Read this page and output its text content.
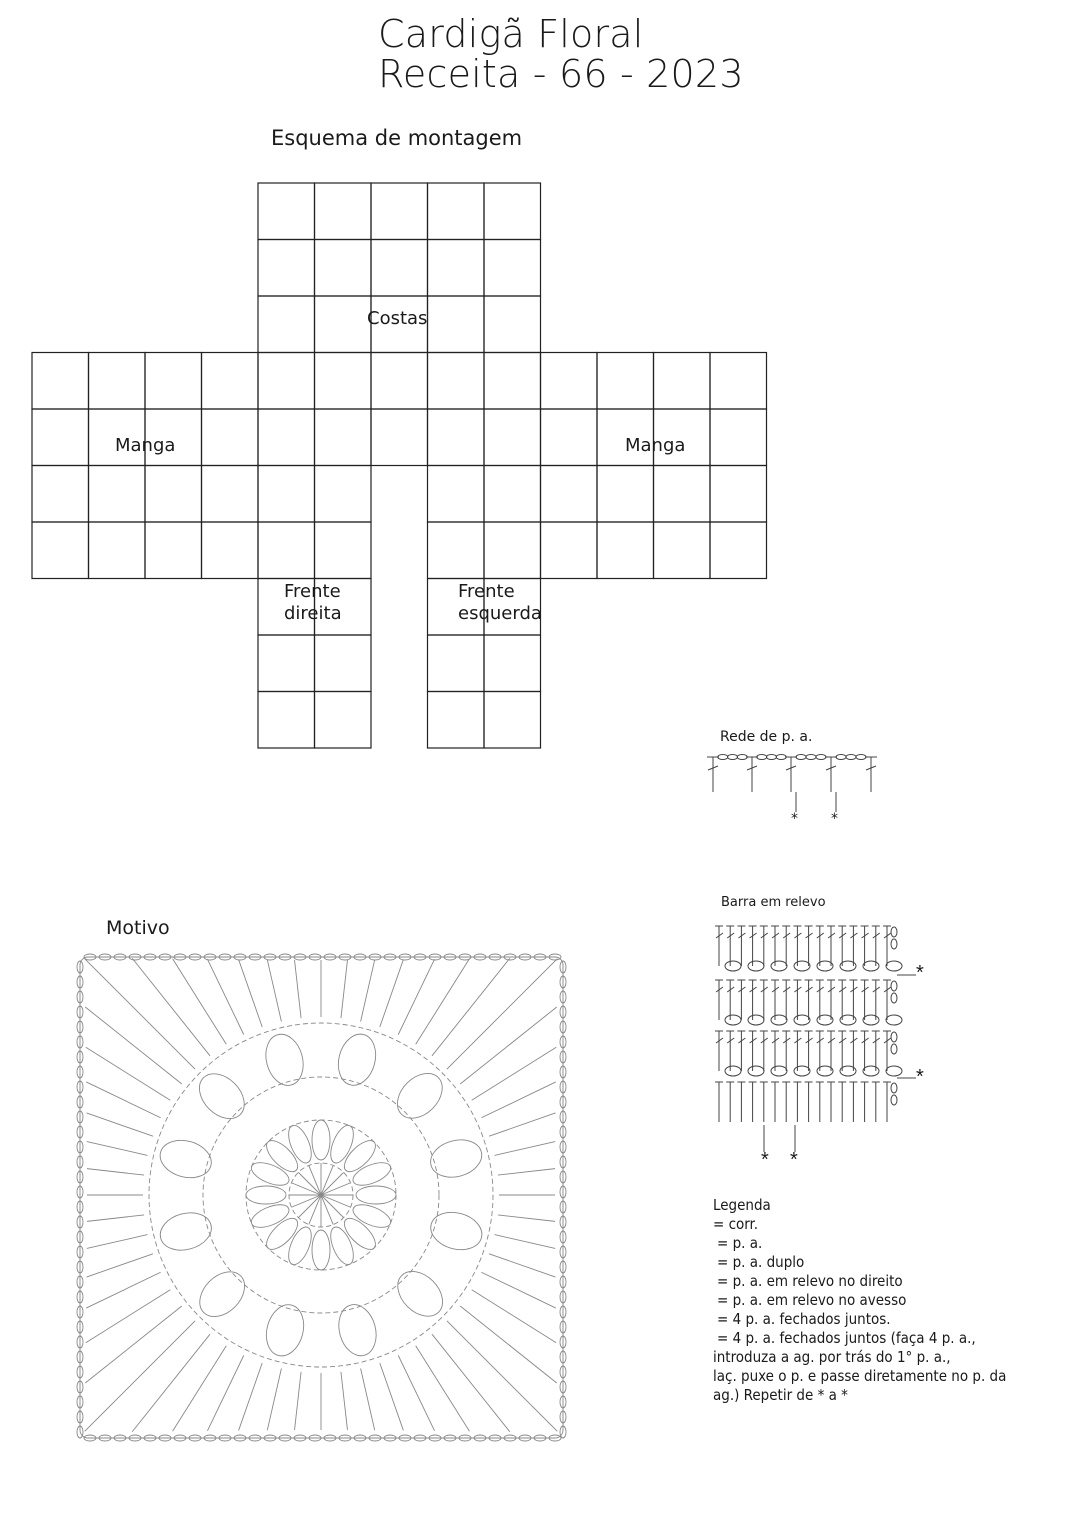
Cardigã Floral
Receita - 66 - 2023
Esquema de montagem
Costas
Manga	Manga
Frente
direita
Frente
esquerda
Rede de p. a.
* *
Barra em relevo
*
*
* *
Motivo
Legenda
= corr.
= p. a.
= p. a. duplo
= p. a. em relevo no direito
= p. a. em relevo no avesso
= 4 p. a. fechados juntos.
= 4 p. a. fechados juntos (faça 4 p. a.,
introduza a ag. por trás do 1° p. a.,
laç. puxe o p. e passe diretamente no p. da
ag.) Repetir de * a *
